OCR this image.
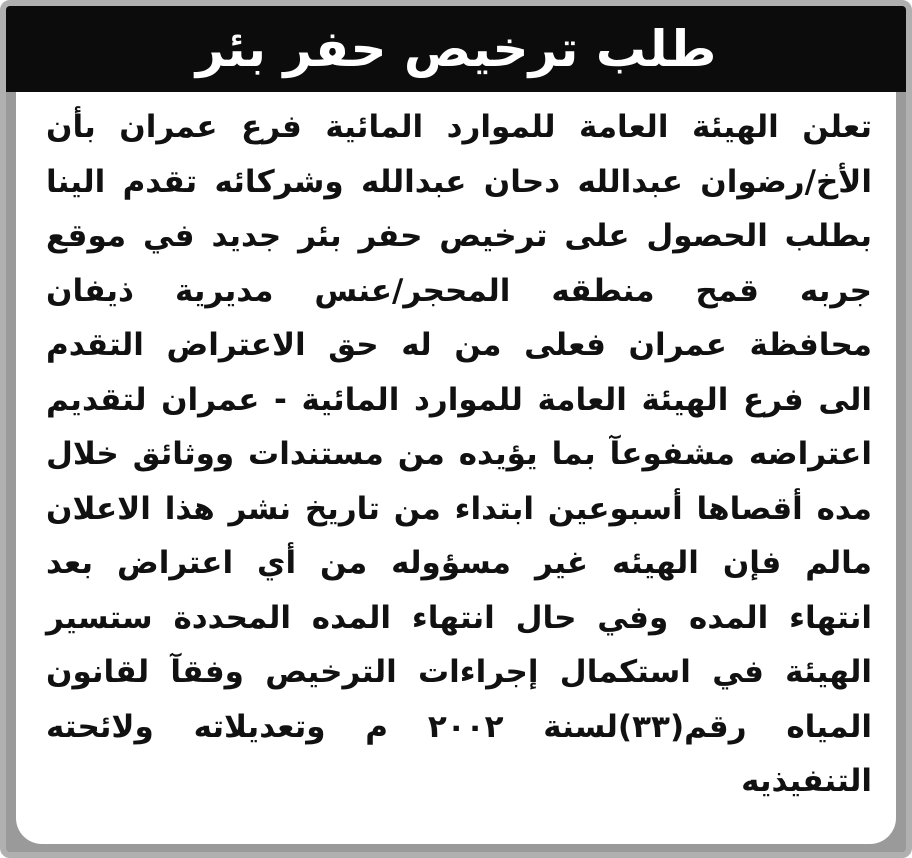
طلب ترخيص حفر بئر

تعلن الهيئة العامة للموارد المائية فرع عمران بأن الأخ/رضوان عبدالله دحان عبدالله وشركائه تقدم الينا بطلب الحصول على ترخيص حفر بئر جديد في موقع جربه قمح منطقه المحجر/عنس مديرية ذيفان محافظة عمران فعلى من له حق الاعتراض التقدم الى فرع الهيئة العامة للموارد المائية - عمران لتقديم اعتراضه مشفوعآ بما يؤيده من مستندات ووثائق خلال مده أقصاها أسبوعين ابتداء من تاريخ نشر هذا الاعلان مالم فإن الهيئه غير مسؤوله من أي اعتراض بعد انتهاء المده وفي حال انتهاء المده المحددة ستسير الهيئة في استكمال إجراءات الترخيص وفقآ لقانون المياه رقم(٣٣)لسنة ٢٠٠٢ م وتعديلاته ولائحته التنفيذيه
